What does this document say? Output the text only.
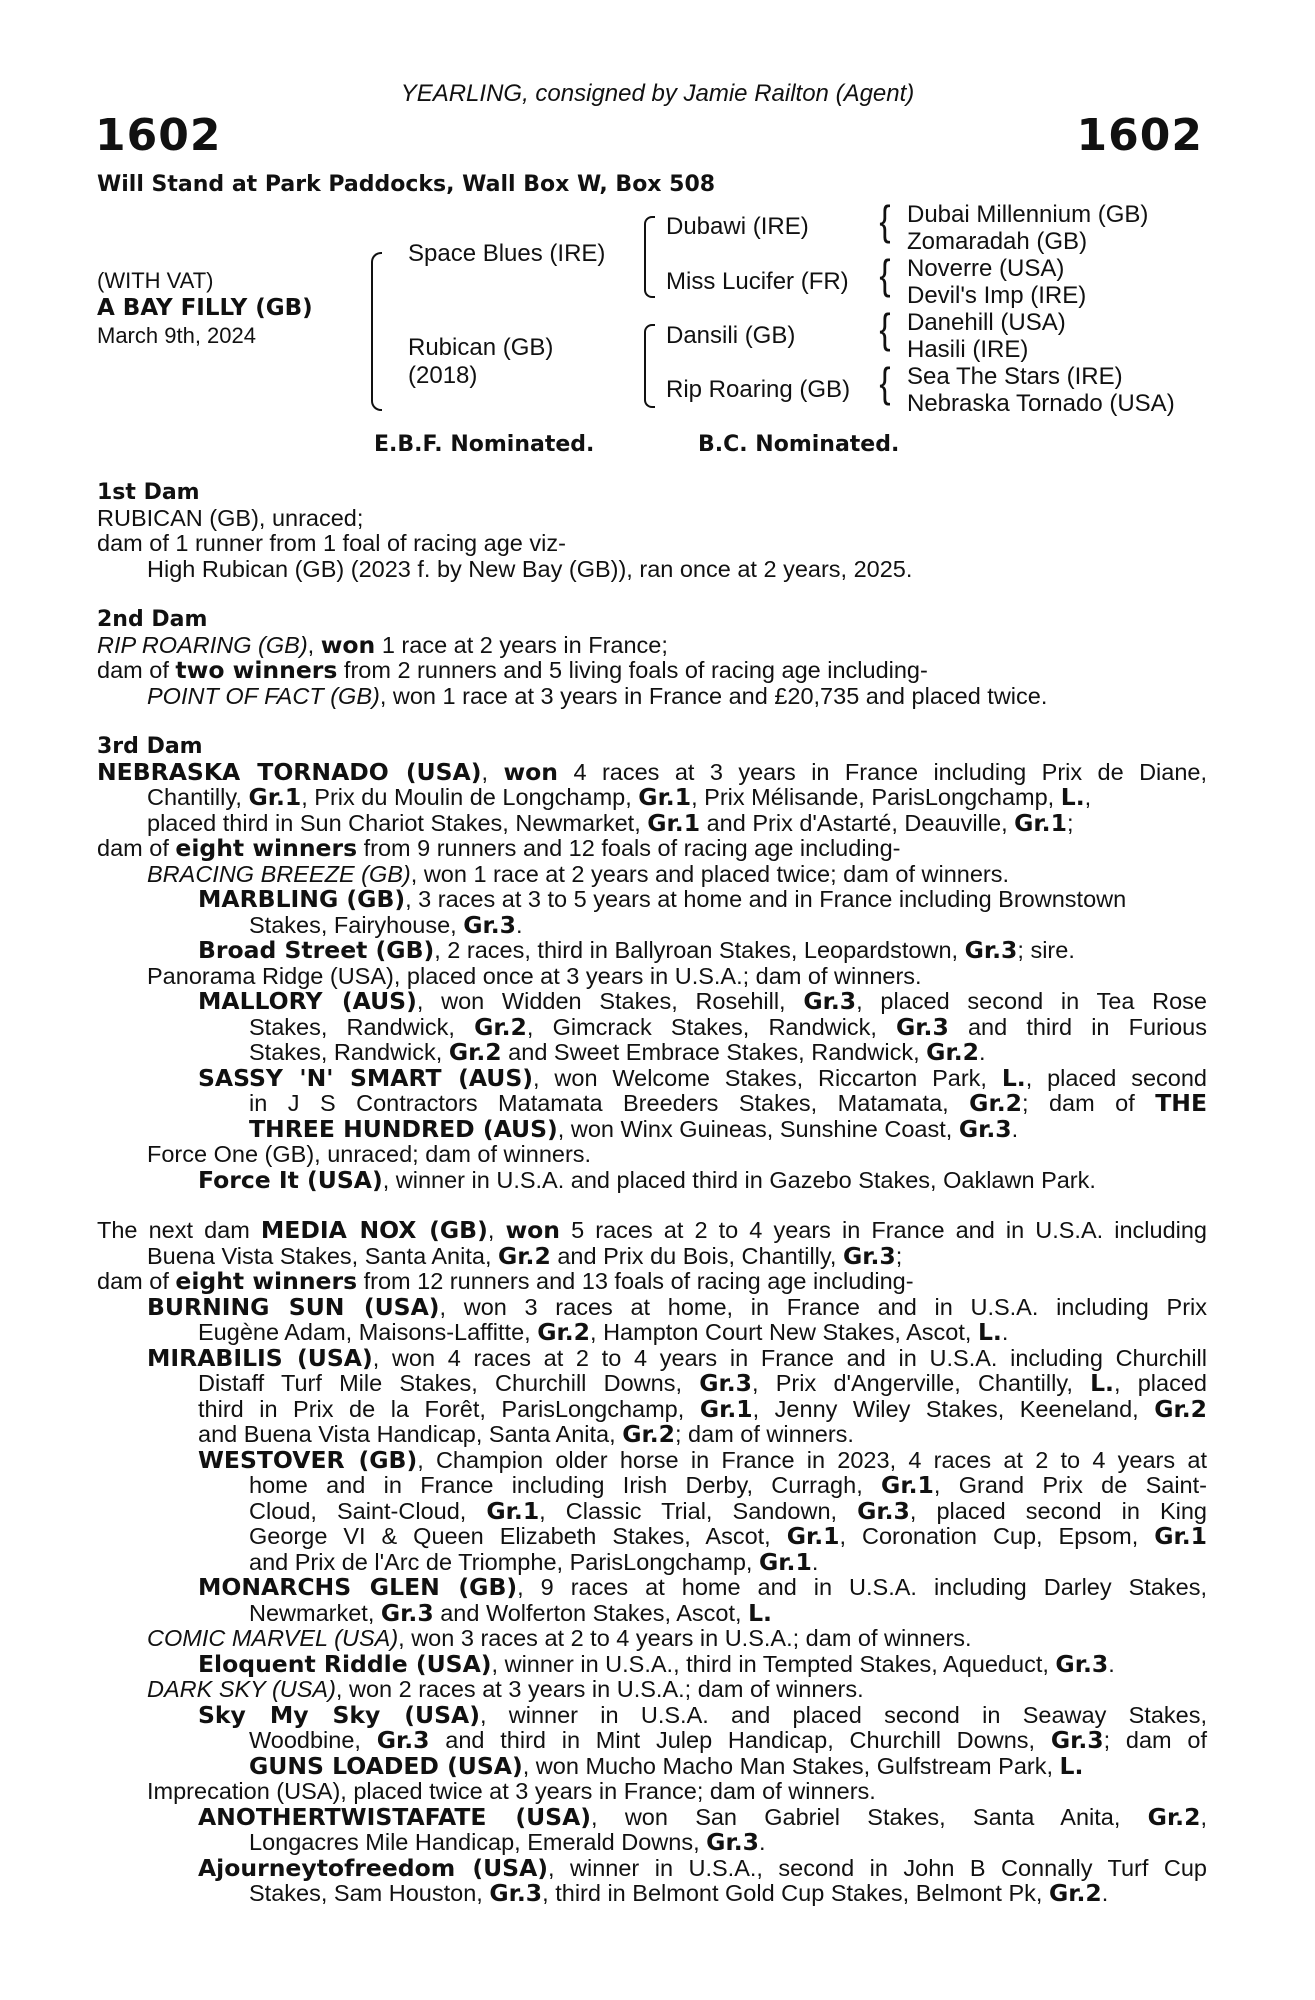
YEARLING, consigned by Jamie Railton (Agent)
1602	1602
Will Stand at Park Paddocks, Wall Box W, Box 508
(WITH VAT)
A BAY FILLY (GB)
March 9th, 2024
Space Blues (IRE)
Rubican (GB)
(2018)
Dubawi (IRE)
Miss Lucifer (FR)
Dansili (GB)
Rip Roaring (GB)
{
{
{
{
Dubai Millennium (GB)
Zomaradah (GB)
Noverre (USA)
Devil's Imp (IRE)
Danehill (USA)
Hasili (IRE)
Sea The Stars (IRE)
Nebraska Tornado (USA)
E.B.F. Nominated.	B.C. Nominated.
1st Dam
RUBICAN (GB), unraced;
dam of 1 runner from 1 foal of racing age viz-
High Rubican (GB) (2023 f. by New Bay (GB)), ran once at 2 years, 2025.
2nd Dam
RIP ROARING (GB), won 1 race at 2 years in France;
dam of two winners from 2 runners and 5 living foals of racing age including-
POINT OF FACT (GB), won 1 race at 3 years in France and £20,735 and placed twice.
3rd Dam
NEBRASKA TORNADO (USA), won 4 races at 3 years in France including Prix de Diane,
Chantilly, Gr.1, Prix du Moulin de Longchamp, Gr.1, Prix Mélisande, ParisLongchamp, L.,
placed third in Sun Chariot Stakes, Newmarket, Gr.1 and Prix d'Astarté, Deauville, Gr.1;
dam of eight winners from 9 runners and 12 foals of racing age including-
BRACING BREEZE (GB), won 1 race at 2 years and placed twice; dam of winners.
MARBLING (GB), 3 races at 3 to 5 years at home and in France including Brownstown
Stakes, Fairyhouse, Gr.3.
Broad Street (GB), 2 races, third in Ballyroan Stakes, Leopardstown, Gr.3; sire.
Panorama Ridge (USA), placed once at 3 years in U.S.A.; dam of winners.
MALLORY (AUS), won Widden Stakes, Rosehill, Gr.3, placed second in Tea Rose
Stakes, Randwick, Gr.2, Gimcrack Stakes, Randwick, Gr.3 and third in Furious
Stakes, Randwick, Gr.2 and Sweet Embrace Stakes, Randwick, Gr.2.
SASSY 'N' SMART (AUS), won Welcome Stakes, Riccarton Park, L., placed second
in J S Contractors Matamata Breeders Stakes, Matamata, Gr.2; dam of THE
THREE HUNDRED (AUS), won Winx Guineas, Sunshine Coast, Gr.3.
Force One (GB), unraced; dam of winners.
Force It (USA), winner in U.S.A. and placed third in Gazebo Stakes, Oaklawn Park.
The next dam MEDIA NOX (GB), won 5 races at 2 to 4 years in France and in U.S.A. including
Buena Vista Stakes, Santa Anita, Gr.2 and Prix du Bois, Chantilly, Gr.3;
dam of eight winners from 12 runners and 13 foals of racing age including-
BURNING SUN (USA), won 3 races at home, in France and in U.S.A. including Prix
Eugène Adam, Maisons-Laffitte, Gr.2, Hampton Court New Stakes, Ascot, L..
MIRABILIS (USA), won 4 races at 2 to 4 years in France and in U.S.A. including Churchill
Distaff Turf Mile Stakes, Churchill Downs, Gr.3, Prix d'Angerville, Chantilly, L., placed
third in Prix de la Forêt, ParisLongchamp, Gr.1, Jenny Wiley Stakes, Keeneland, Gr.2
and Buena Vista Handicap, Santa Anita, Gr.2; dam of winners.
WESTOVER (GB), Champion older horse in France in 2023, 4 races at 2 to 4 years at
home and in France including Irish Derby, Curragh, Gr.1, Grand Prix de Saint-
Cloud, Saint-Cloud, Gr.1, Classic Trial, Sandown, Gr.3, placed second in King
George VI & Queen Elizabeth Stakes, Ascot, Gr.1, Coronation Cup, Epsom, Gr.1
and Prix de l'Arc de Triomphe, ParisLongchamp, Gr.1.
MONARCHS GLEN (GB), 9 races at home and in U.S.A. including Darley Stakes,
Newmarket, Gr.3 and Wolferton Stakes, Ascot, L.
COMIC MARVEL (USA), won 3 races at 2 to 4 years in U.S.A.; dam of winners.
Eloquent Riddle (USA), winner in U.S.A., third in Tempted Stakes, Aqueduct, Gr.3.
DARK SKY (USA), won 2 races at 3 years in U.S.A.; dam of winners.
Sky My Sky (USA), winner in U.S.A. and placed second in Seaway Stakes,
Woodbine, Gr.3 and third in Mint Julep Handicap, Churchill Downs, Gr.3; dam of
GUNS LOADED (USA), won Mucho Macho Man Stakes, Gulfstream Park, L.
Imprecation (USA), placed twice at 3 years in France; dam of winners.
ANOTHERTWISTAFATE (USA), won San Gabriel Stakes, Santa Anita, Gr.2,
Longacres Mile Handicap, Emerald Downs, Gr.3.
Ajourneytofreedom (USA), winner in U.S.A., second in John B Connally Turf Cup
Stakes, Sam Houston, Gr.3, third in Belmont Gold Cup Stakes, Belmont Pk, Gr.2.
